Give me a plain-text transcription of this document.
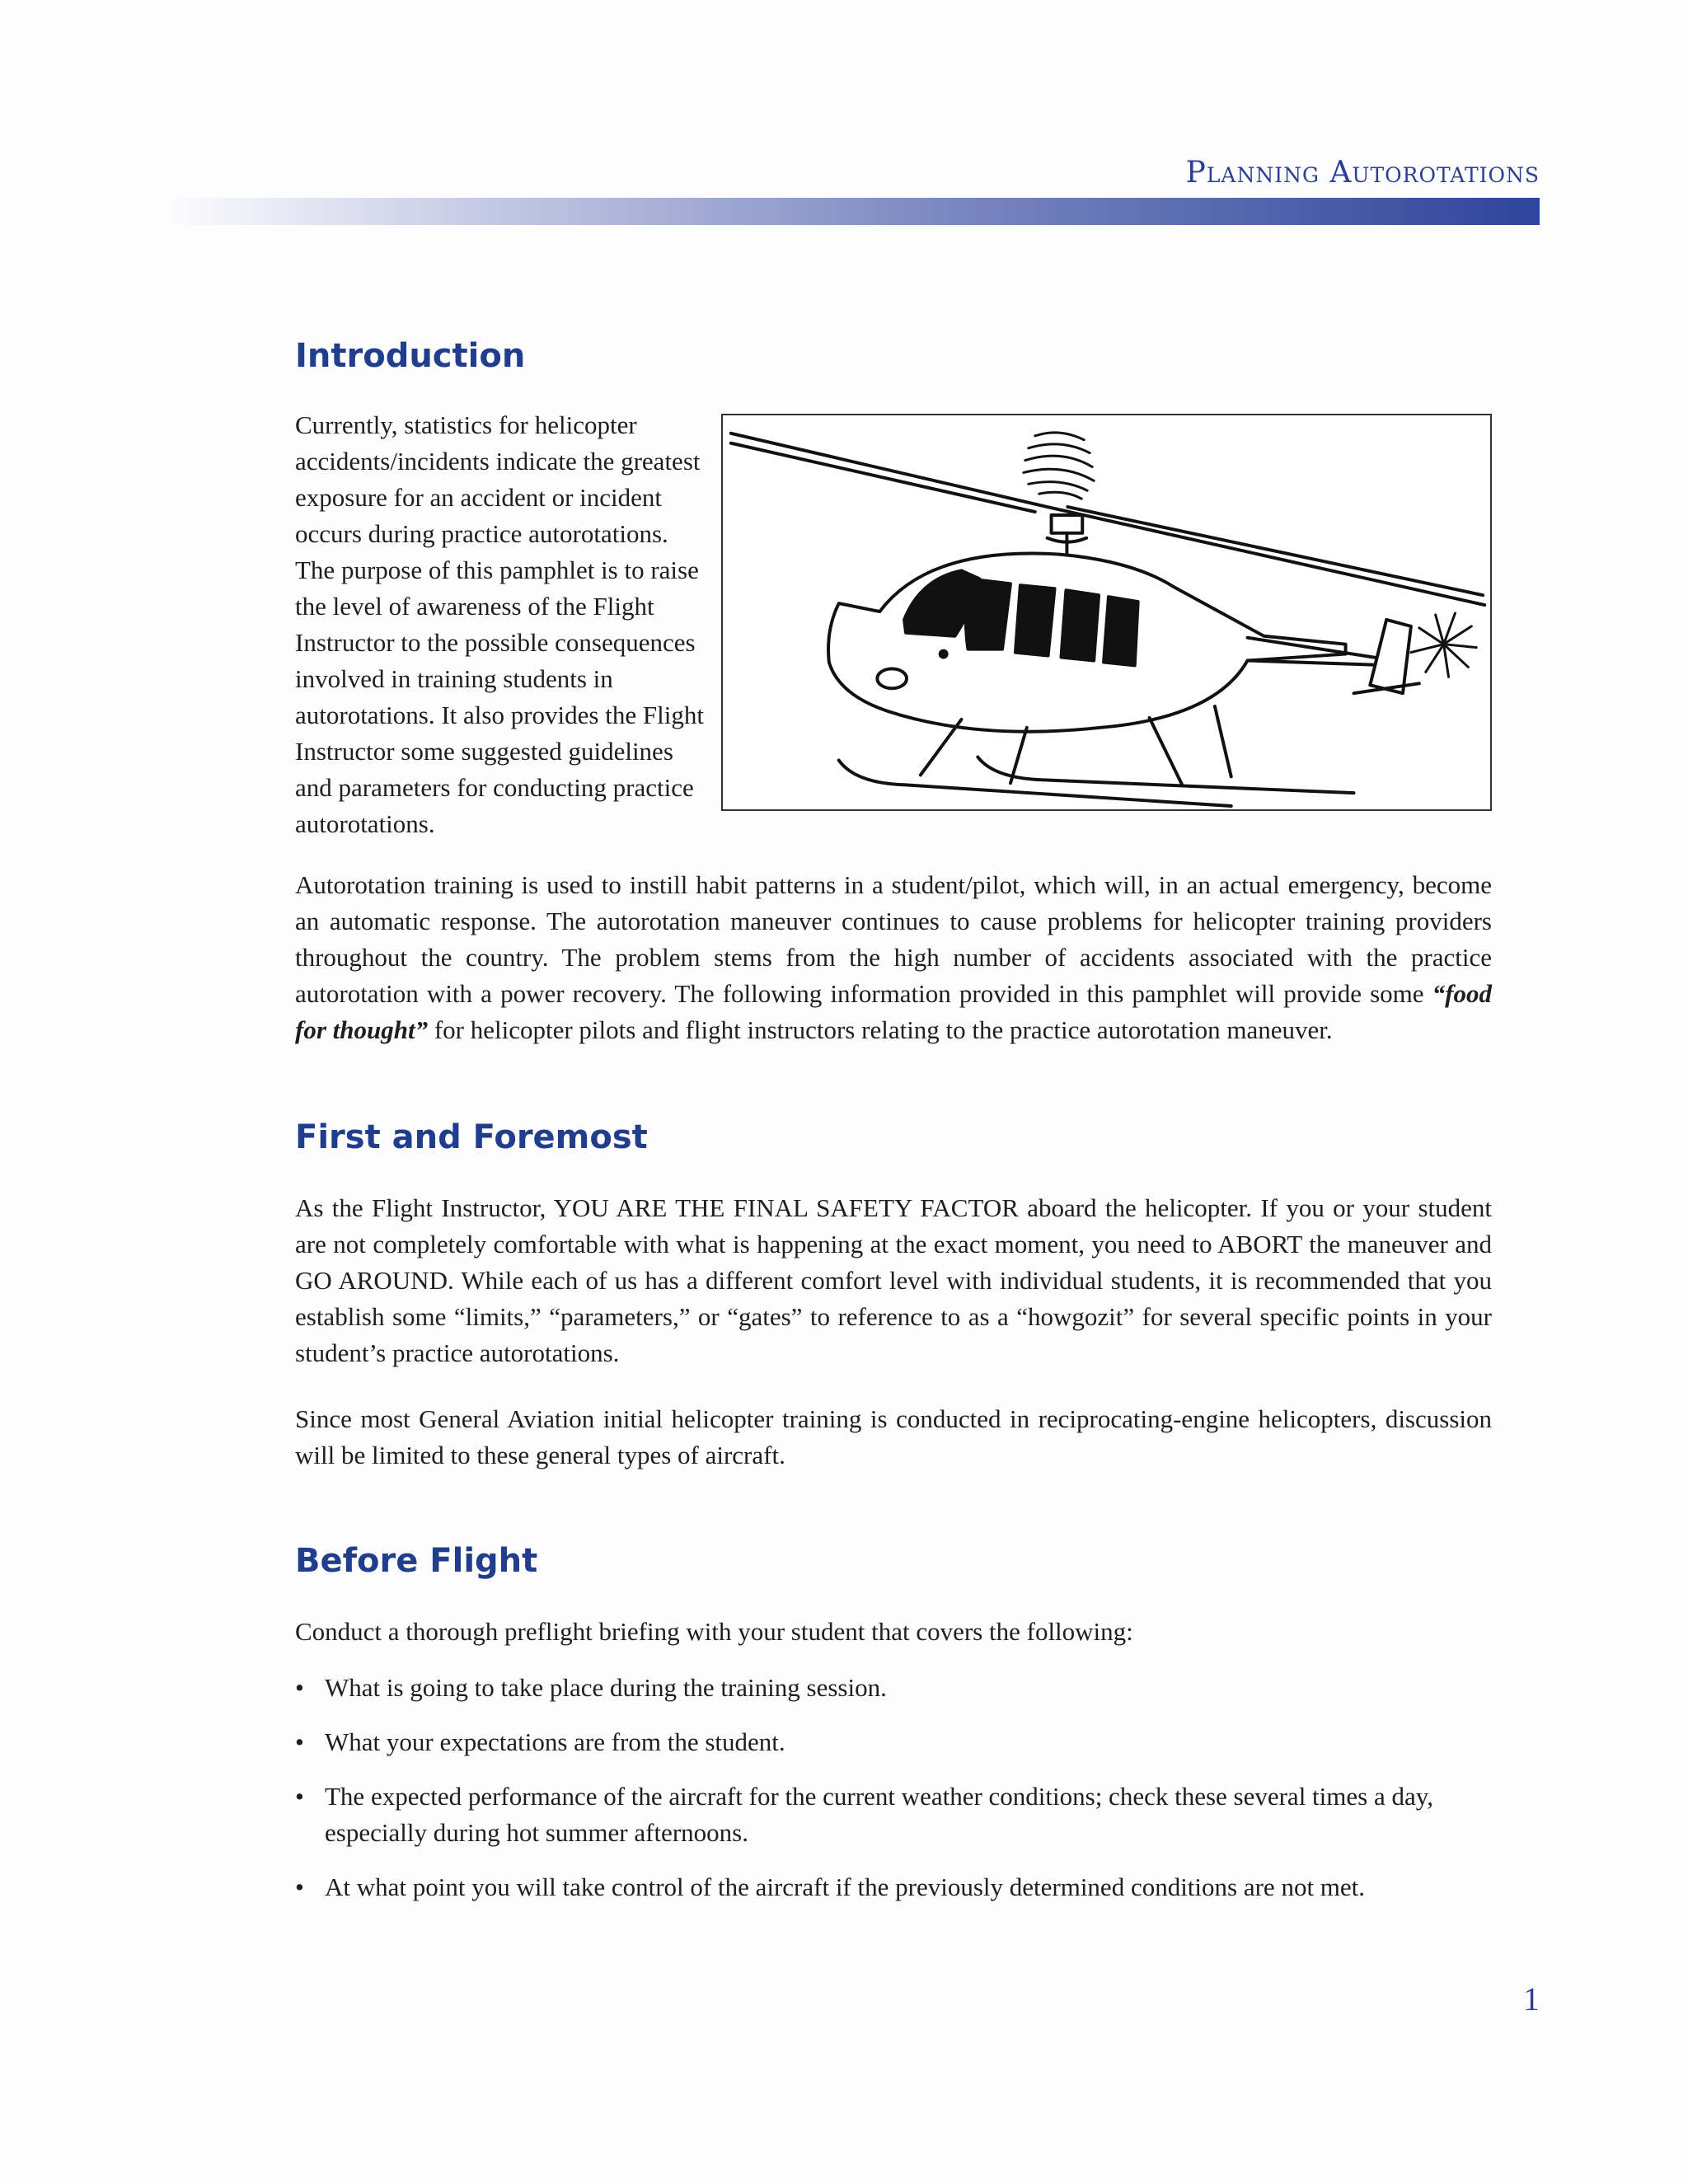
Planning Autorotations
Introduction

Currently, statistics for helicopter accidents/incidents indicate the greatest exposure for an accident or incident occurs during practice autorotations. The purpose of this pamphlet is to raise the level of awareness of the Flight Instructor to the possible consequences involved in training students in autorotations. It also provides the Flight Instructor some suggested guidelines and parameters for conducting practice autorotations.

Autorotation training is used to instill habit patterns in a student/pilot, which will, in an actual emergency, become an automatic response. The autorotation maneuver continues to cause problems for helicopter training providers throughout the country. The problem stems from the high number of accidents associated with the practice autorotation with a power recovery. The following information provided in this pamphlet will provide some “food for thought” for helicopter pilots and flight instructors relating to the practice autorotation maneuver.

First and Foremost

As the Flight Instructor, YOU ARE THE FINAL SAFETY FACTOR aboard the helicopter. If you or your student are not completely comfortable with what is happening at the exact moment, you need to ABORT the maneuver and GO AROUND. While each of us has a different comfort level with individual students, it is recommended that you establish some “limits,” “parameters,” or “gates” to reference to as a “howgozit” for several specific points in your student’s practice autorotations.

Since most General Aviation initial helicopter training is conducted in reciprocating-engine helicopters, discussion will be limited to these general types of aircraft.

Before Flight

Conduct a thorough preflight briefing with your student that covers the following:

• What is going to take place during the training session.
• What your expectations are from the student.
• The expected performance of the aircraft for the current weather conditions; check these several times a day, especially during hot summer afternoons.
• At what point you will take control of the aircraft if the previously determined conditions are not met.
1
